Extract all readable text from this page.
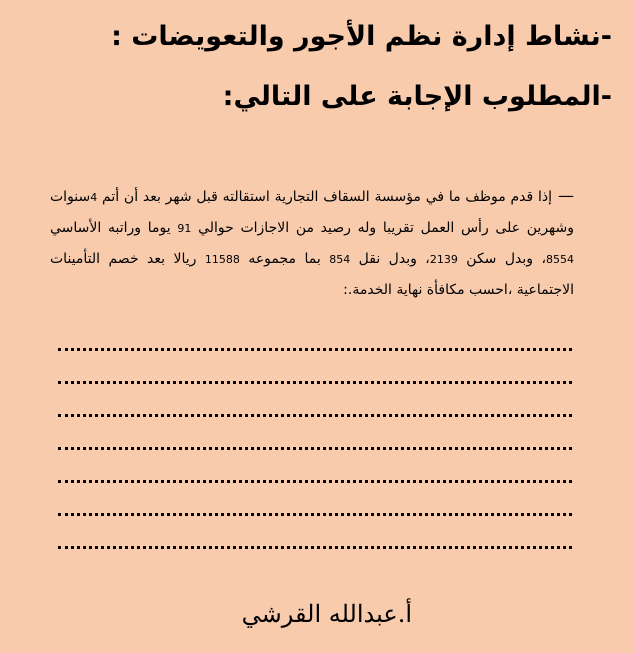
-نشاط إدارة نظم الأجور والتعويضات :
-المطلوب الإجابة على التالي:

—إذا قدم موظف ما في مؤسسة السقاف التجارية استقالته قبل شهر بعد أن أتم 4سنوات وشهرين على رأس العمل تقريبا وله رصيد من الاجازات حوالي 91 يوما وراتبه الأساسي 8554، وبدل سكن 2139، وبدل نقل 854 بما مجموعه 11588 ريالا بعد خصم التأمينات الاجتماعية ،احسب مكافأة نهاية الخدمة.:

أ.عبدالله القرشي
